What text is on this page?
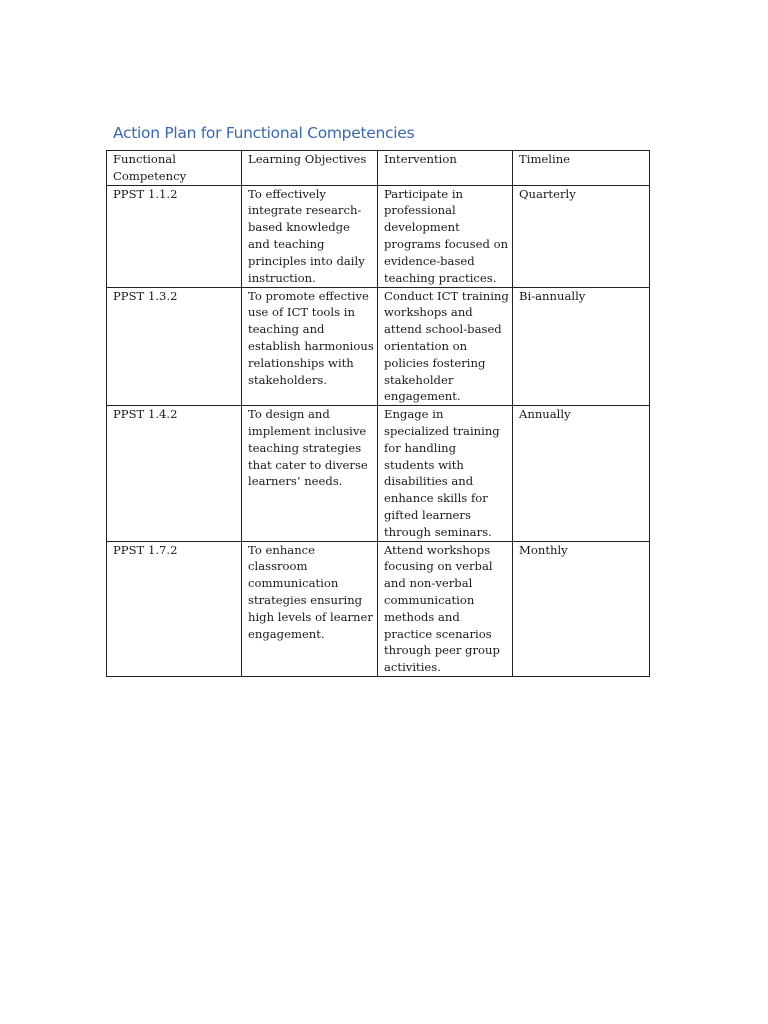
Action Plan for Functional Competencies
Functional Competency	Learning Objectives	Intervention	Timeline
PPST 1.1.2	To effectively integrate research-based knowledge and teaching principles into daily instruction.	Participate in professional development programs focused on evidence-based teaching practices.	Quarterly
PPST 1.3.2	To promote effective use of ICT tools in teaching and establish harmonious relationships with stakeholders.	Conduct ICT training workshops and attend school-based orientation on policies fostering stakeholder engagement.	Bi-annually
PPST 1.4.2	To design and implement inclusive teaching strategies that cater to diverse learners’ needs.	Engage in specialized training for handling students with disabilities and enhance skills for gifted learners through seminars.	Annually
PPST 1.7.2	To enhance classroom communication strategies ensuring high levels of learner engagement.	Attend workshops focusing on verbal and non-verbal communication methods and practice scenarios through peer group activities.	Monthly
